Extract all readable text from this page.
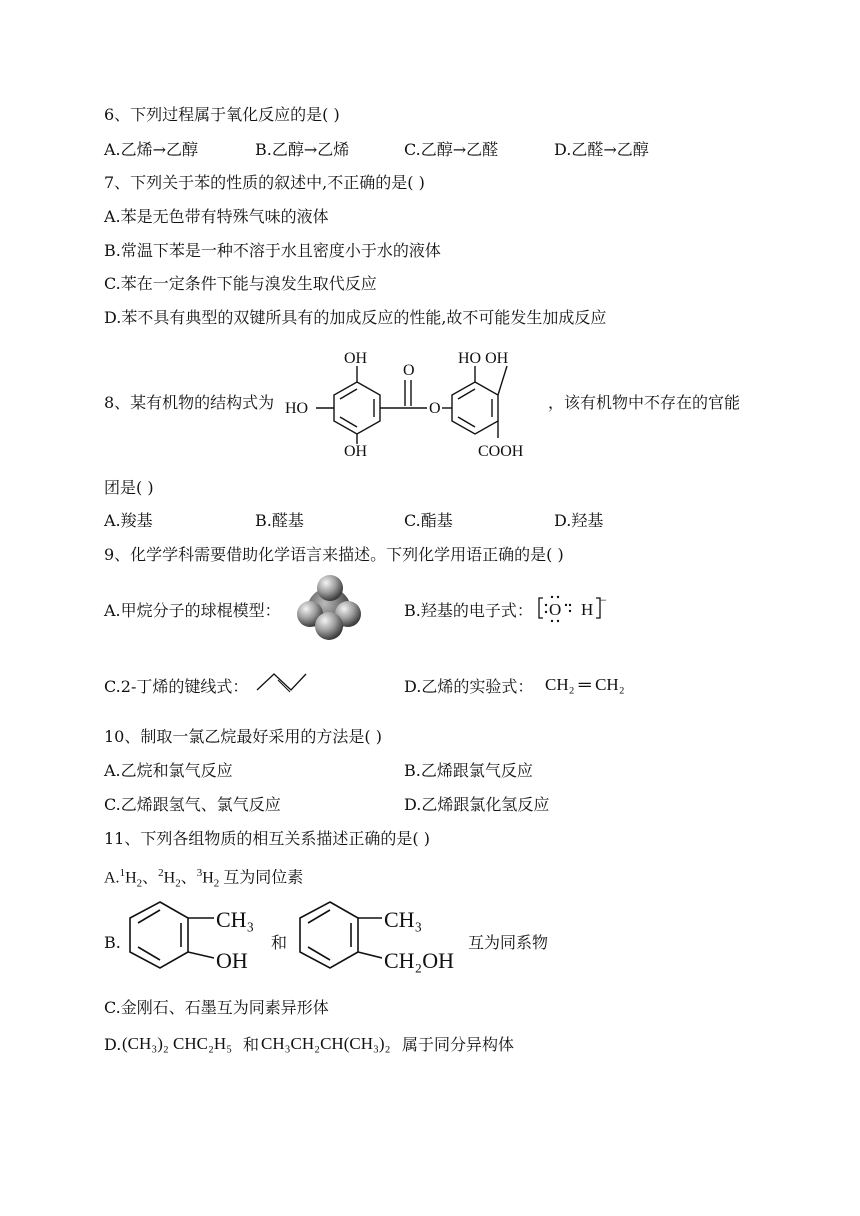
6、下列过程属于氧化反应的是( )
A.乙烯→乙醇	B.乙醇→乙烯	C.乙醇→乙醛	D.乙醛→乙醇
7、下列关于苯的性质的叙述中,不正确的是( )
A.苯是无色带有特殊气味的液体
B.常温下苯是一种不溶于水且密度小于水的液体
C.苯在一定条件下能与溴发生取代反应
D.苯不具有典型的双键所具有的加成反应的性能,故不可能发生加成反应
8、某有机物的结构式为
OH
HO
OH
O
O
HO OH
COOH
，该有机物中不存在的官能
团是( )
A.羧基	B.醛基	C.酯基	D.羟基
9、化学学科需要借助化学语言来描述。下列化学用语正确的是( )
A.甲烷分子的球棍模型：	B.羟基的电子式： O H −
C.2-丁烯的键线式：	D.乙烯的实验式： CH₂ ═ CH₂
10、制取一氯乙烷最好采用的方法是( )
A.乙烷和氯气反应	B.乙烯跟氯气反应
C.乙烯跟氢气、氯气反应	D.乙烯跟氯化氢反应
11、下列各组物质的相互关系描述正确的是( )
$A.^1H_2$、$^2H_2$、$^3H_2$ 互为同位素
B.
CH₃
OH
和
CH₃
CH₂OH
互为同系物
C.金刚石、石墨互为同素异形体
D. (CH₃)₂ CHC₂H₅ 和 CH₃CH₂CH(CH₃)₂ 属于同分异构体
